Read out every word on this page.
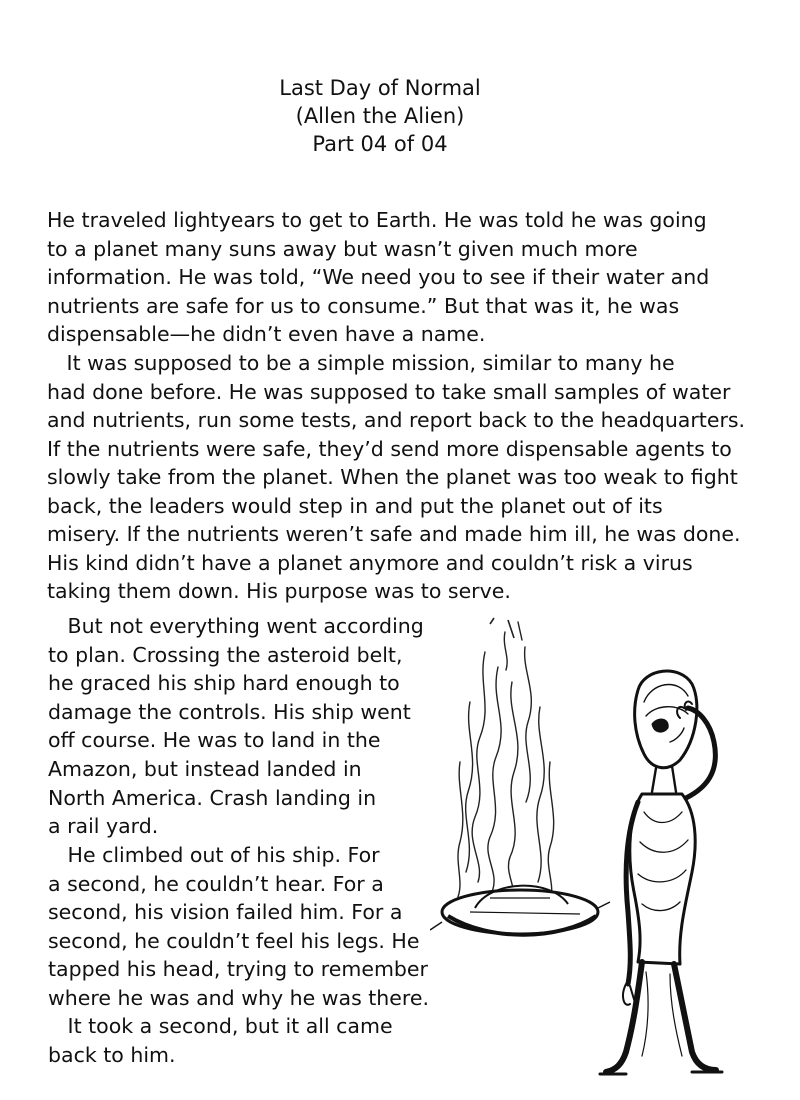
Last Day of Normal
(Allen the Alien)
Part 04 of 04
He traveled lightyears to get to Earth. He was told he was going
to a planet many suns away but wasn’t given much more
information. He was told, “We need you to see if their water and
nutrients are safe for us to consume.” But that was it, he was
dispensable—he didn’t even have a name.
It was supposed to be a simple mission, similar to many he
had done before. He was supposed to take small samples of water
and nutrients, run some tests, and report back to the headquarters.
If the nutrients were safe, they’d send more dispensable agents to
slowly take from the planet. When the planet was too weak to fight
back, the leaders would step in and put the planet out of its
misery. If the nutrients weren’t safe and made him ill, he was done.
His kind didn’t have a planet anymore and couldn’t risk a virus
taking them down. His purpose was to serve.
But not everything went according
to plan. Crossing the asteroid belt,
he graced his ship hard enough to
damage the controls. His ship went
off course. He was to land in the
Amazon, but instead landed in
North America. Crash landing in
a rail yard.
He climbed out of his ship. For
a second, he couldn’t hear. For a
second, his vision failed him. For a
second, he couldn’t feel his legs. He
tapped his head, trying to remember
where he was and why he was there.
It took a second, but it all came
back to him.
